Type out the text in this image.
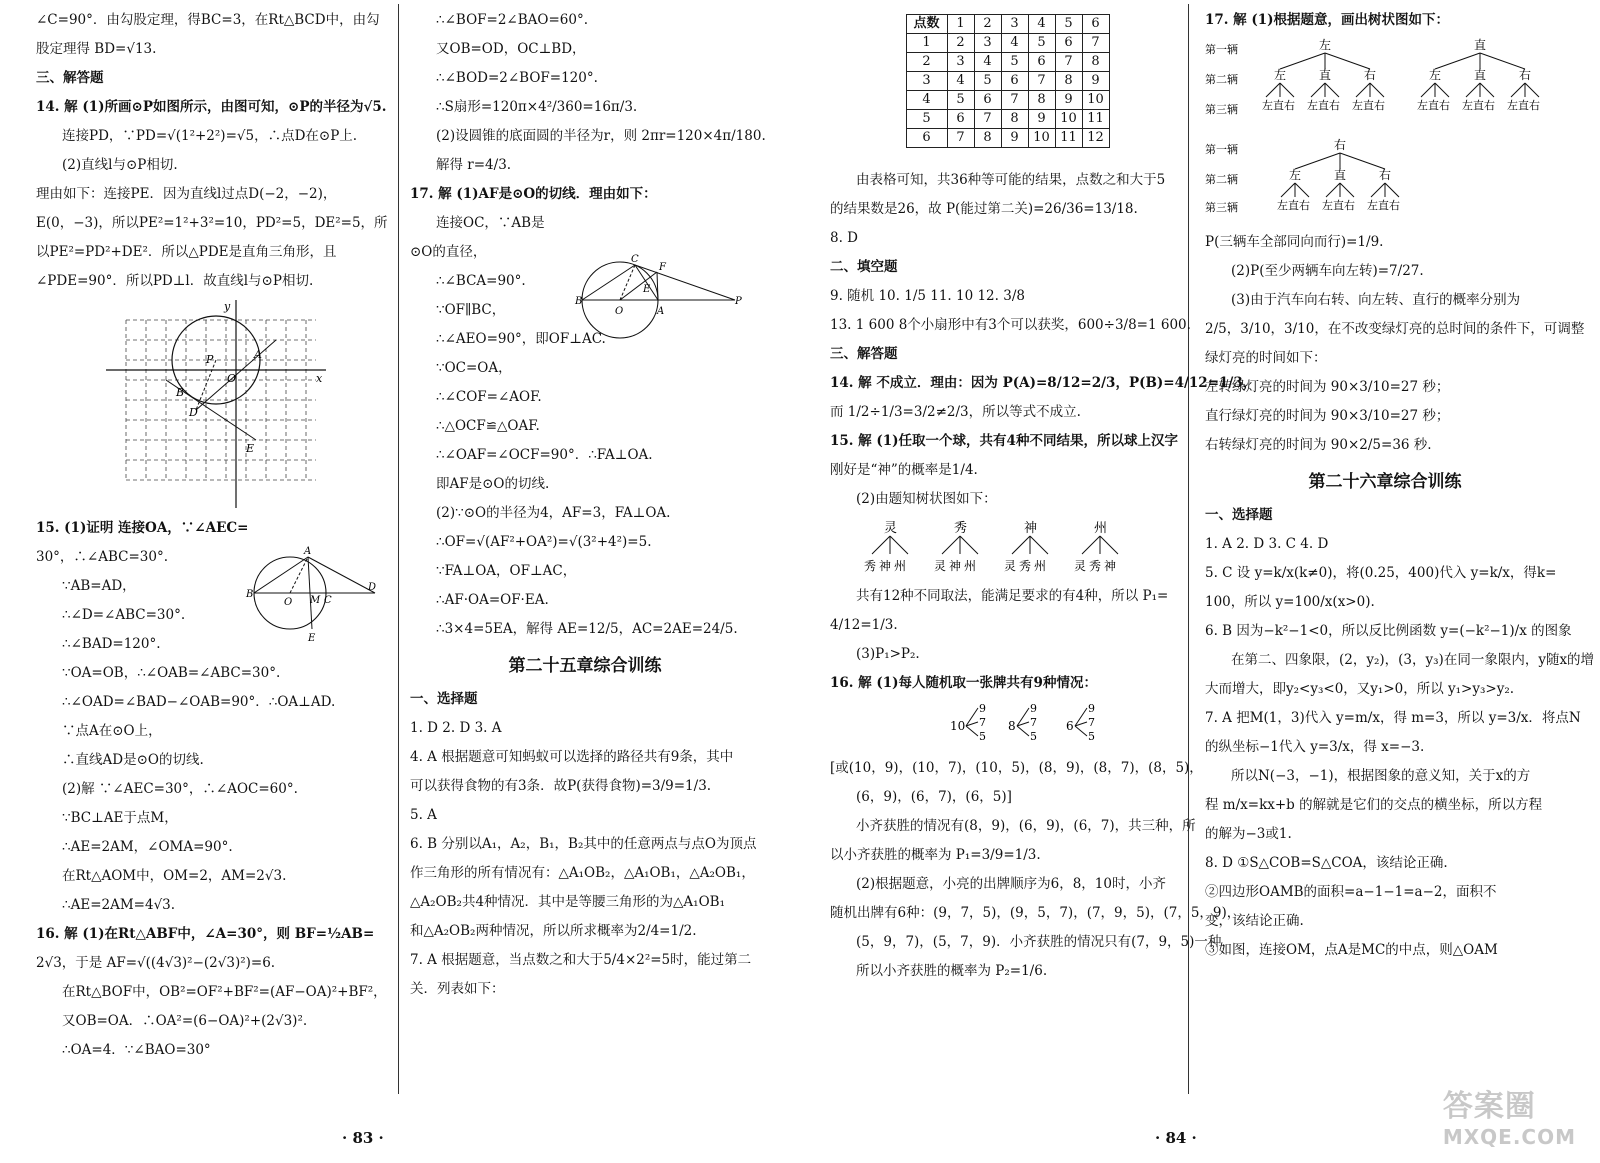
∠C=90°．由勾股定理，得BC=3，在Rt△BCD中，由勾
股定理得 BD=√13.
三、解答题
14. 解 (1)所画⊙P如图所示，由图可知，⊙P的半径为√5.
连接PD，∵PD=√(1²+2²)=√5，∴点D在⊙P上.
(2)直线l与⊙P相切.
理由如下：连接PE．因为直线l过点D(−2，−2)，
E(0，−3)，所以PE²=1²+3²=10，PD²=5，DE²=5，所
以PE²=PD²+DE²．所以△PDE是直角三角形，且
∠PDE=90°．所以PD⊥l．故直线l与⊙P相切.
y
x
P	A
B
D
E
O
15. (1)证明 连接OA，∵∠AEC=
30°，∴∠ABC=30°.
∵AB=AD，
∴∠D=∠ABC=30°.
∴∠BAD=120°.
∵OA=OB，∴∠OAB=∠ABC=30°.
∴∠OAD=∠BAD−∠OAB=90°．∴OA⊥AD.
∵点A在⊙O上，
∴直线AD是⊙O的切线.
(2)解 ∵∠AEC=30°，∴∠AOC=60°.
∵BC⊥AE于点M，
∴AE=2AM，∠OMA=90°.
在Rt△AOM中，OM=2，AM=2√3.
∴AE=2AM=4√3.
16. 解 (1)在Rt△ABF中，∠A=30°，则 BF=½AB=
2√3，于是 AF=√((4√3)²−(2√3)²)=6.
在Rt△BOF中，OB²=OF²+BF²=(AF−OA)²+BF²，
又OB=OA．∴OA²=(6−OA)²+(2√3)².
∴OA=4．∵∠BAO=30°
∴∠BOF=2∠BAO=60°.
又OB=OD，OC⊥BD，
∴∠BOD=2∠BOF=120°.
∴S扇形=120π×4²/360=16π/3.
(2)设圆锥的底面圆的半径为r，则 2πr=120×4π/180.
解得 r=4/3.
17. 解 (1)AF是⊙O的切线．理由如下：
连接OC，∵AB是
⊙O的直径，
∴∠BCA=90°.
∵OF∥BC，
∴∠AEO=90°，即OF⊥AC.
∵OC=OA，
∴∠COF=∠AOF.
∴△OCF≌△OAF.
∴∠OAF=∠OCF=90°．∴FA⊥OA.
即AF是⊙O的切线.
(2)∵⊙O的半径为4，AF=3，FA⊥OA.
∴OF=√(AF²+OA²)=√(3²+4²)=5.
∵FA⊥OA，OF⊥AC，
∴AF·OA=OF·EA.
∴3×4=5EA，解得 AE=12/5，AC=2AE=24/5.
第二十五章综合训练
一、选择题
1. D 2. D 3. A
4. A 根据题意可知蚂蚁可以选择的路径共有9条，其中
可以获得食物的有3条．故P(获得食物)=3/9=1/3.
5. A
6. B 分别以A₁，A₂，B₁，B₂其中的任意两点与点O为顶点
作三角形的所有情况有：△A₁OB₂，△A₁OB₁，△A₂OB₁，
△A₂OB₂共4种情况．其中是等腰三角形的为△A₁OB₁
和△A₂OB₂两种情况，所以所求概率为2/4=1/2.
7. A 根据题意，当点数之和大于5/4×2²=5时，能过第二
关．列表如下：
B
A
O M C
D
E
B
C
F
E
O	A
P
· 83 ·
点数	1	2	3	4	5	6
1	2	3	4	5	6	7
2	3	4	5	6	7	8
3	4	5	6	7	8	9
4	5	6	7	8	9	10
5	6	7	8	9	10	11
6	7	8	9	10	11	12
由表格可知，共36种等可能的结果，点数之和大于5
的结果数是26，故 P(能过第二关)=26/36=13/18.
8. D
二、填空题
9. 随机 10. 1/5 11. 10 12. 3/8
13. 1 600 8个小扇形中有3个可以获奖，600÷3/8=1 600.
三、解答题
14. 解 不成立．理由：因为 P(A)=8/12=2/3，P(B)=4/12=1/3，
而 1/2÷1/3=3/2≠2/3，所以等式不成立.
15. 解 (1)任取一个球，共有4种不同结果，所以球上汉字
刚好是“神”的概率是1/4.
(2)由题知树状图如下：
灵
秀神州
秀
灵神州
神
灵秀州
州
灵秀神
共有12种不同取法，能满足要求的有4种，所以 P₁=
4/12=1/3.
(3)P₁>P₂.
16. 解 (1)每人随机取一张牌共有9种情况：
10
9
7
5
8
9
7
5
6
9
7
5
[或(10，9)，(10，7)，(10，5)，(8，9)，(8，7)，(8，5)，
(6，9)，(6，7)，(6，5)]
小齐获胜的情况有(8，9)，(6，9)，(6，7)，共三种，所
以小齐获胜的概率为 P₁=3/9=1/3.
(2)根据题意，小亮的出牌顺序为6，8，10时，小齐
随机出牌有6种：(9，7，5)，(9，5，7)，(7，9，5)，(7，5，9)，
(5，9，7)，(5，7，9)．小齐获胜的情况只有(7，9，5)一种，
所以小齐获胜的概率为 P₂=1/6.
17. 解 (1)根据题意，画出树状图如下：
第一辆
第二辆
第三辆
第一辆
第二辆
第三辆
左
左
左直右
直
左直右
右
左直右
直
左
左直右
直
左直右
右
左直右
右
左
左直右
直
左直右
右
左直右
P(三辆车全部同向而行)=1/9.
(2)P(至少两辆车向左转)=7/27.
(3)由于汽车向右转、向左转、直行的概率分别为
2/5，3/10，3/10，在不改变绿灯亮的总时间的条件下，可调整
绿灯亮的时间如下：
左转绿灯亮的时间为 90×3/10=27 秒；
直行绿灯亮的时间为 90×3/10=27 秒；
右转绿灯亮的时间为 90×2/5=36 秒.
第二十六章综合训练
一、选择题
1. A 2. D 3. C 4. D
5. C 设 y=k/x(k≠0)，将(0.25，400)代入 y=k/x，得k=
100，所以 y=100/x(x>0).
6. B 因为−k²−1<0，所以反比例函数 y=(−k²−1)/x 的图象
在第二、四象限，(2，y₂)，(3，y₃)在同一象限内，y随x的增
大而增大，即y₂<y₃<0，又y₁>0，所以 y₁>y₃>y₂.
7. A 把M(1，3)代入 y=m/x，得 m=3，所以 y=3/x．将点N
的纵坐标−1代入 y=3/x，得 x=−3.
所以N(−3，−1)，根据图象的意义知，关于x的方
程 m/x=kx+b 的解就是它们的交点的横坐标，所以方程
的解为−3或1.
8. D ①S△COB=S△COA，该结论正确.
②四边形OAMB的面积=a−1−1=a−2，面积不
变，该结论正确.
③如图，连接OM，点A是MC的中点，则△OAM
· 84 ·
答案圈
MXQE.COM
